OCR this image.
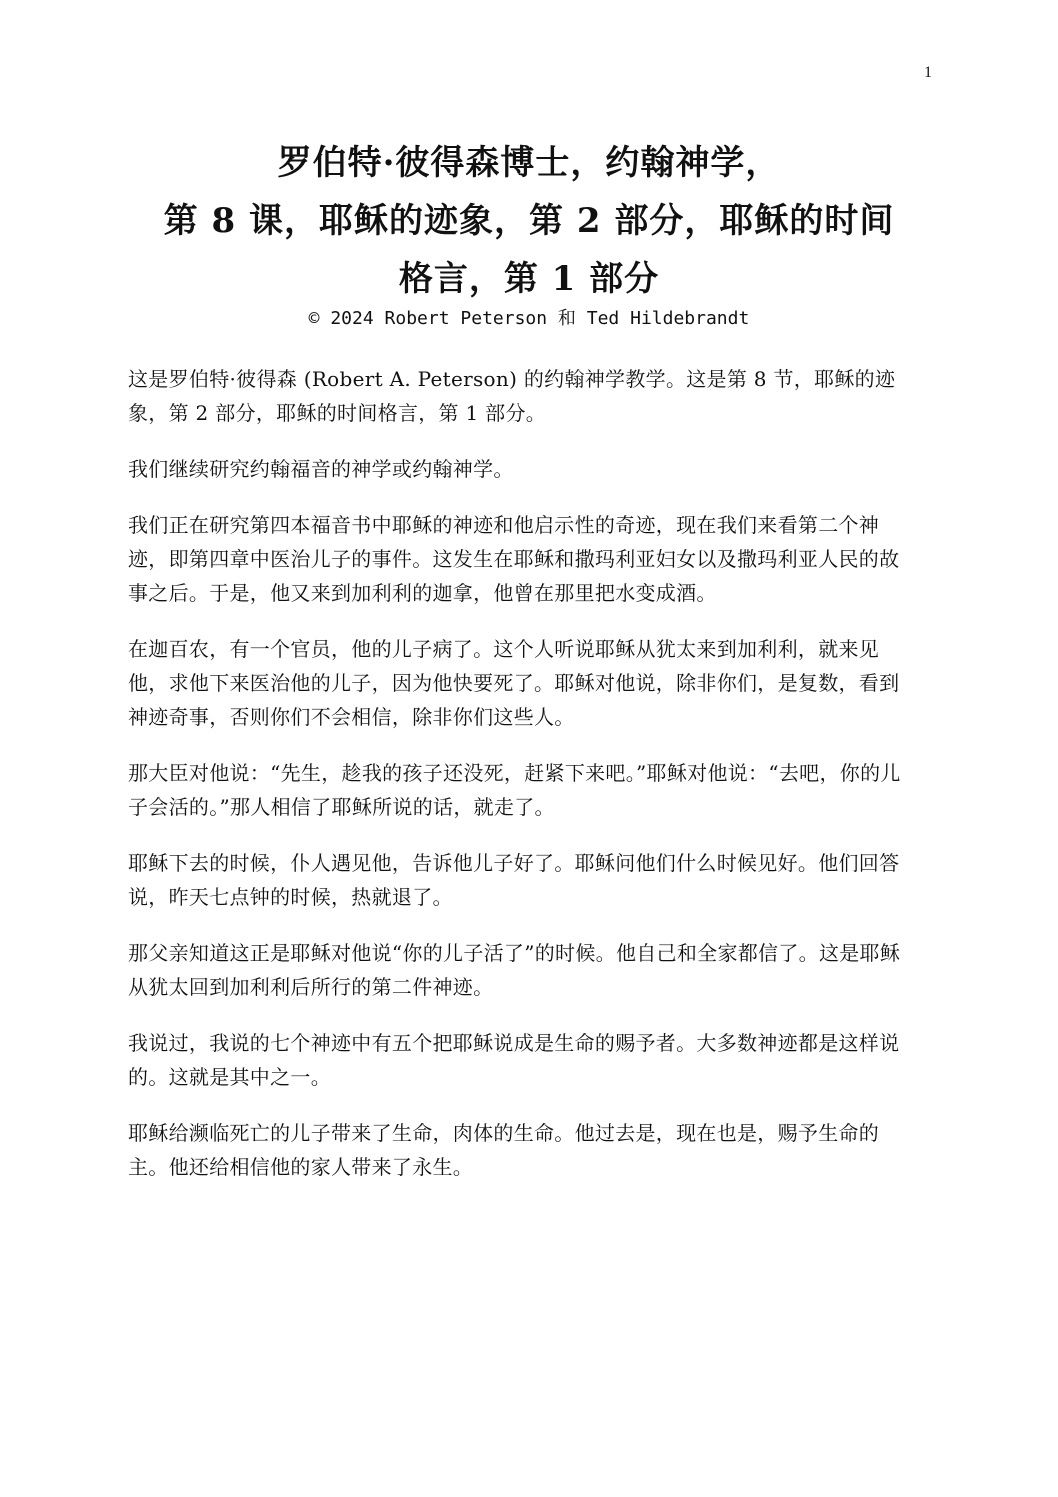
1
罗伯特·彼得森博士，约翰神学，
第 8 课，耶稣的迹象，第 2 部分，耶稣的时间
格言，第 1 部分
© 2024 Robert Peterson 和 Ted Hildebrandt

这是罗伯特·彼得森 (Robert A. Peterson) 的约翰神学教学。这是第 8 节，耶稣的迹象，第 2 部分，耶稣的时间格言，第 1 部分。

我们继续研究约翰福音的神学或约翰神学。

我们正在研究第四本福音书中耶稣的神迹和他启示性的奇迹，现在我们来看第二个神迹，即第四章中医治儿子的事件。这发生在耶稣和撒玛利亚妇女以及撒玛利亚人民的故事之后。于是，他又来到加利利的迦拿，他曾在那里把水变成酒。

在迦百农，有一个官员，他的儿子病了。这个人听说耶稣从犹太来到加利利，就来见他，求他下来医治他的儿子，因为他快要死了。耶稣对他说，除非你们，是复数，看到神迹奇事，否则你们不会相信，除非你们这些人。

那大臣对他说：“先生，趁我的孩子还没死，赶紧下来吧。”耶稣对他说：“去吧，你的儿子会活的。”那人相信了耶稣所说的话，就走了。

耶稣下去的时候，仆人遇见他，告诉他儿子好了。耶稣问他们什么时候见好。他们回答说，昨天七点钟的时候，热就退了。

那父亲知道这正是耶稣对他说“你的儿子活了”的时候。他自己和全家都信了。这是耶稣从犹太回到加利利后所行的第二件神迹。

我说过，我说的七个神迹中有五个把耶稣说成是生命的赐予者。大多数神迹都是这样说的。这就是其中之一。

耶稣给濒临死亡的儿子带来了生命，肉体的生命。他过去是，现在也是，赐予生命的主。他还给相信他的家人带来了永生。
